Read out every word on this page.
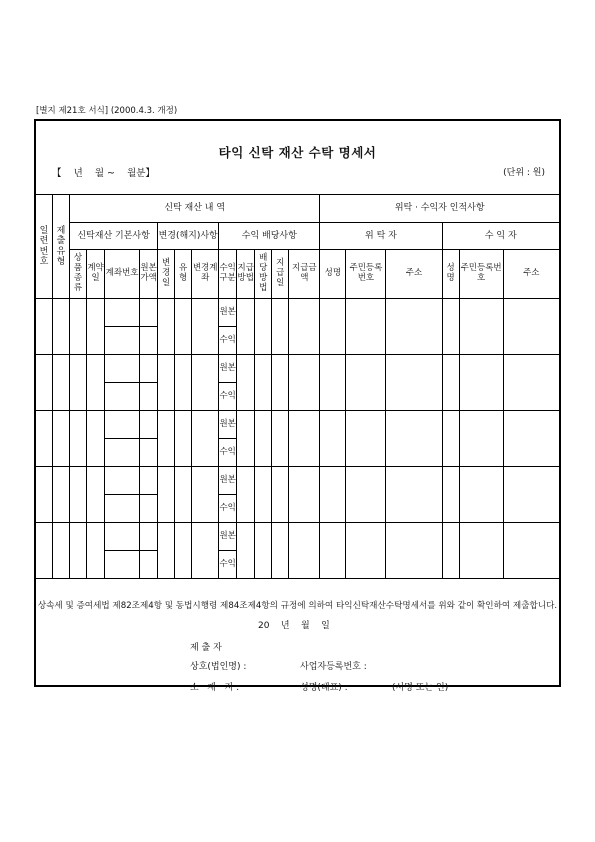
[별지 제21호 서식] (2000.4.3. 개정)
타익 신탁 재산 수탁 명세서
【    년    월 ~    월분】	(단위 : 원)
일련번호	제출유형	신탁 재산 내 역												위탁 · 수익자 인적사항					
		신탁재산 기본사항				변경(해지)사항			수익 배당사항					위 탁 자			수 익 자		
		상품종류	계약일	계좌번호	원본가액	변경일	유형	변경계좌	수익구분	지급방법	배당방법	지급일	지급금액	성명	주민등록번호	주소	성명	주민등록번호	주소
									원본										
									수익										
									원본										
									수익										
									원본										
									수익										
									원본										
									수익										
									원본										
									수익										
상속세 및 증여세법 제82조제4항 및 동법시행령 제84조제4항의 규정에 의하여 타익신탁재산수탁명세서를 위와 같이 확인하여 제출합니다.
20    년    월    일
제 출 자
상호(법인명) :
소   재   지 :
사업자등록번호 :
성명(대표) :	(서명 또는 인)
